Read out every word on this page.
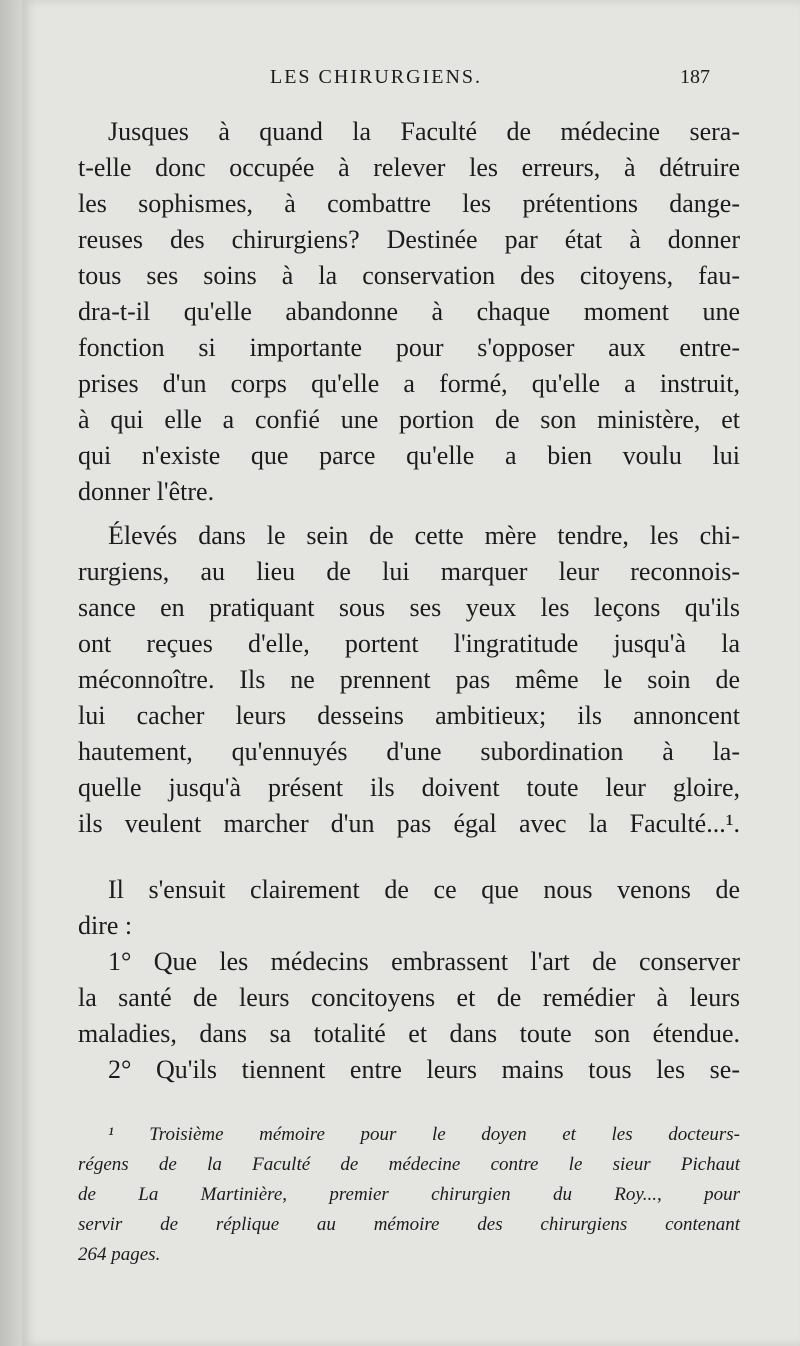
LES CHIRURGIENS.	187
Jusques à quand la Faculté de médecine sera-
t-elle donc occupée à relever les erreurs, à détruire
les sophismes, à combattre les prétentions dange-
reuses des chirurgiens? Destinée par état à donner
tous ses soins à la conservation des citoyens, fau-
dra-t-il qu'elle abandonne à chaque moment une
fonction si importante pour s'opposer aux entre-
prises d'un corps qu'elle a formé, qu'elle a instruit,
à qui elle a confié une portion de son ministère, et
qui n'existe que parce qu'elle a bien voulu lui
donner l'être.
Élevés dans le sein de cette mère tendre, les chi-
rurgiens, au lieu de lui marquer leur reconnois-
sance en pratiquant sous ses yeux les leçons qu'ils
ont reçues d'elle, portent l'ingratitude jusqu'à la
méconnoître. Ils ne prennent pas même le soin de
lui cacher leurs desseins ambitieux; ils annoncent
hautement, qu'ennuyés d'une subordination à la-
quelle jusqu'à présent ils doivent toute leur gloire,
ils veulent marcher d'un pas égal avec la Faculté...¹.
Il s'ensuit clairement de ce que nous venons de
dire :
1° Que les médecins embrassent l'art de conserver
la santé de leurs concitoyens et de remédier à leurs
maladies, dans sa totalité et dans toute son étendue.
2° Qu'ils tiennent entre leurs mains tous les se-
¹ Troisième mémoire pour le doyen et les docteurs-
régens de la Faculté de médecine contre le sieur Pichaut
de La Martinière, premier chirurgien du Roy..., pour
servir de réplique au mémoire des chirurgiens contenant
264 pages.
